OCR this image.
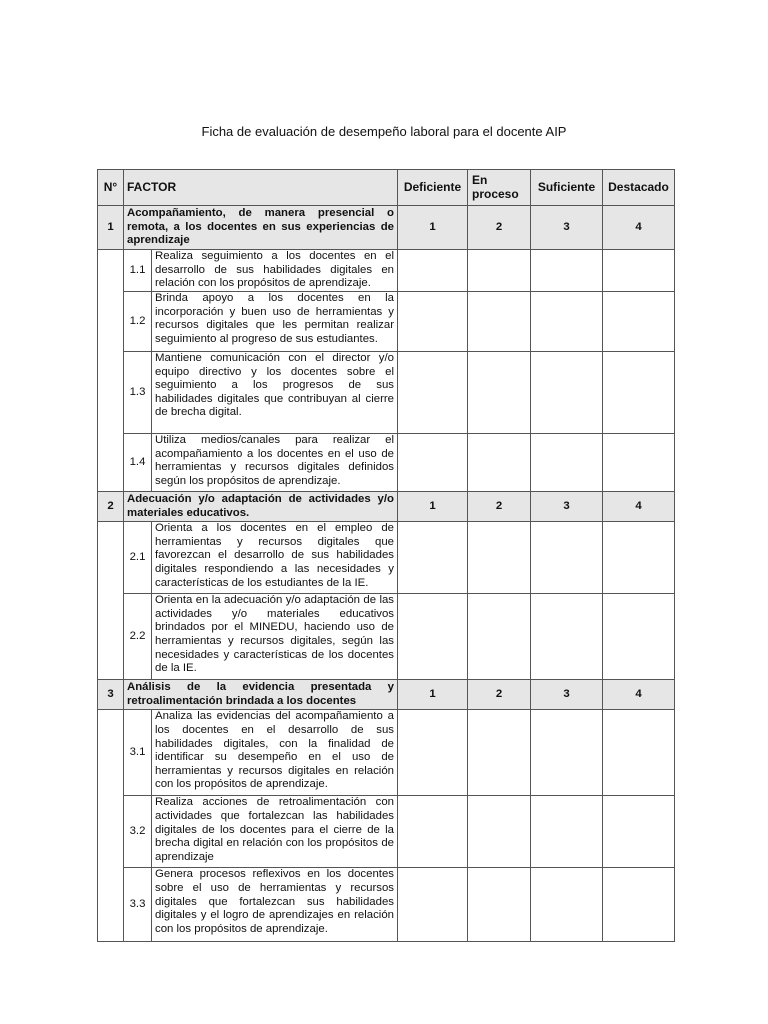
Ficha de evaluación de desempeño laboral para el docente AIP
N°	FACTOR		Deficiente	En proceso	Suficiente	Destacado
1	Acompañamiento, de manera presencial o remota, a los docentes en sus experiencias de aprendizaje		1	2	3	4
	1.1	Realiza seguimiento a los docentes en el desarrollo de sus habilidades digitales en relación con los propósitos de aprendizaje.				
	1.2	Brinda apoyo a los docentes en la incorporación y buen uso de herramientas y recursos digitales que les permitan realizar seguimiento al progreso de sus estudiantes.				
	1.3	Mantiene comunicación con el director y/o equipo directivo y los docentes sobre el seguimiento a los progresos de sus habilidades digitales que contribuyan al cierre de brecha digital.				
	1.4	Utiliza medios/canales para realizar el acompañamiento a los docentes en el uso de herramientas y recursos digitales definidos según los propósitos de aprendizaje.				
2	Adecuación y/o adaptación de actividades y/o materiales educativos.		1	2	3	4
	2.1	Orienta a los docentes en el empleo de herramientas y recursos digitales que favorezcan el desarrollo de sus habilidades digitales respondiendo a las necesidades y características de los estudiantes de la IE.				
	2.2	Orienta en la adecuación y/o adaptación de las actividades y/o materiales educativos brindados por el MINEDU, haciendo uso de herramientas y recursos digitales, según las necesidades y características de los docentes de la IE.				
3	Análisis de la evidencia presentada y retroalimentación brindada a los docentes		1	2	3	4
	3.1	Analiza las evidencias del acompañamiento a los docentes en el desarrollo de sus habilidades digitales, con la finalidad de identificar su desempeño en el uso de herramientas y recursos digitales en relación con los propósitos de aprendizaje.				
	3.2	Realiza acciones de retroalimentación con actividades que fortalezcan las habilidades digitales de los docentes para el cierre de la brecha digital en relación con los propósitos de aprendizaje				
	3.3	Genera procesos reflexivos en los docentes sobre el uso de herramientas y recursos digitales que fortalezcan sus habilidades digitales y el logro de aprendizajes en relación con los propósitos de aprendizaje.				
